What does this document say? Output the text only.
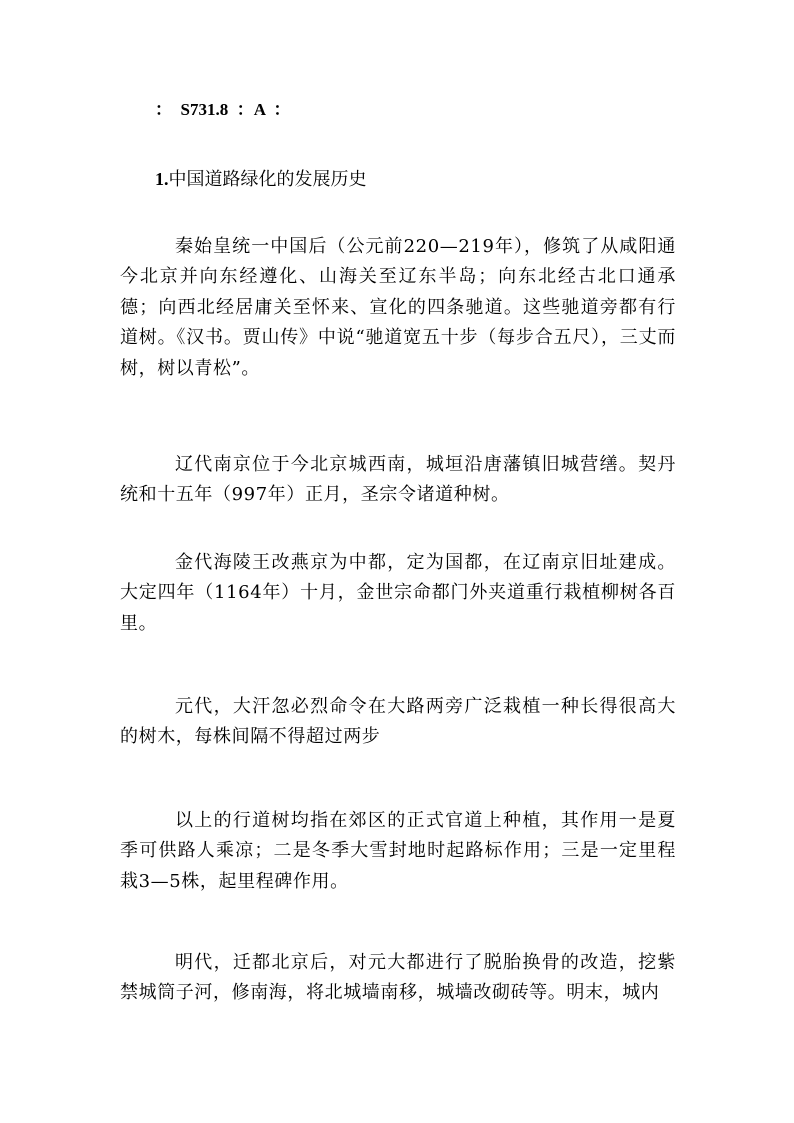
：  S731.8  ：A  ：
1.中国道路绿化的发展历史

秦始皇统一中国后（公元前220—219年），修筑了从咸阳通今北京并向东经遵化、山海关至辽东半岛；向东北经古北口通承德；向西北经居庸关至怀来、宣化的四条驰道。这些驰道旁都有行道树。《汉书。贾山传》中说“驰道宽五十步（每步合五尺），三丈而树，树以青松”。

辽代南京位于今北京城西南，城垣沿唐藩镇旧城营缮。契丹统和十五年（997年）正月，圣宗令诸道种树。

金代海陵王改燕京为中都，定为国都，在辽南京旧址建成。大定四年（1164年）十月，金世宗命都门外夹道重行栽植柳树各百里。

元代，大汗忽必烈命令在大路两旁广泛栽植一种长得很高大的树木，每株间隔不得超过两步

以上的行道树均指在郊区的正式官道上种植，其作用一是夏季可供路人乘凉；二是冬季大雪封地时起路标作用；三是一定里程栽3—5株，起里程碑作用。

明代，迁都北京后，对元大都进行了脱胎换骨的改造，挖紫禁城筒子河，修南海，将北城墙南移，城墙改砌砖等。明末，城内
